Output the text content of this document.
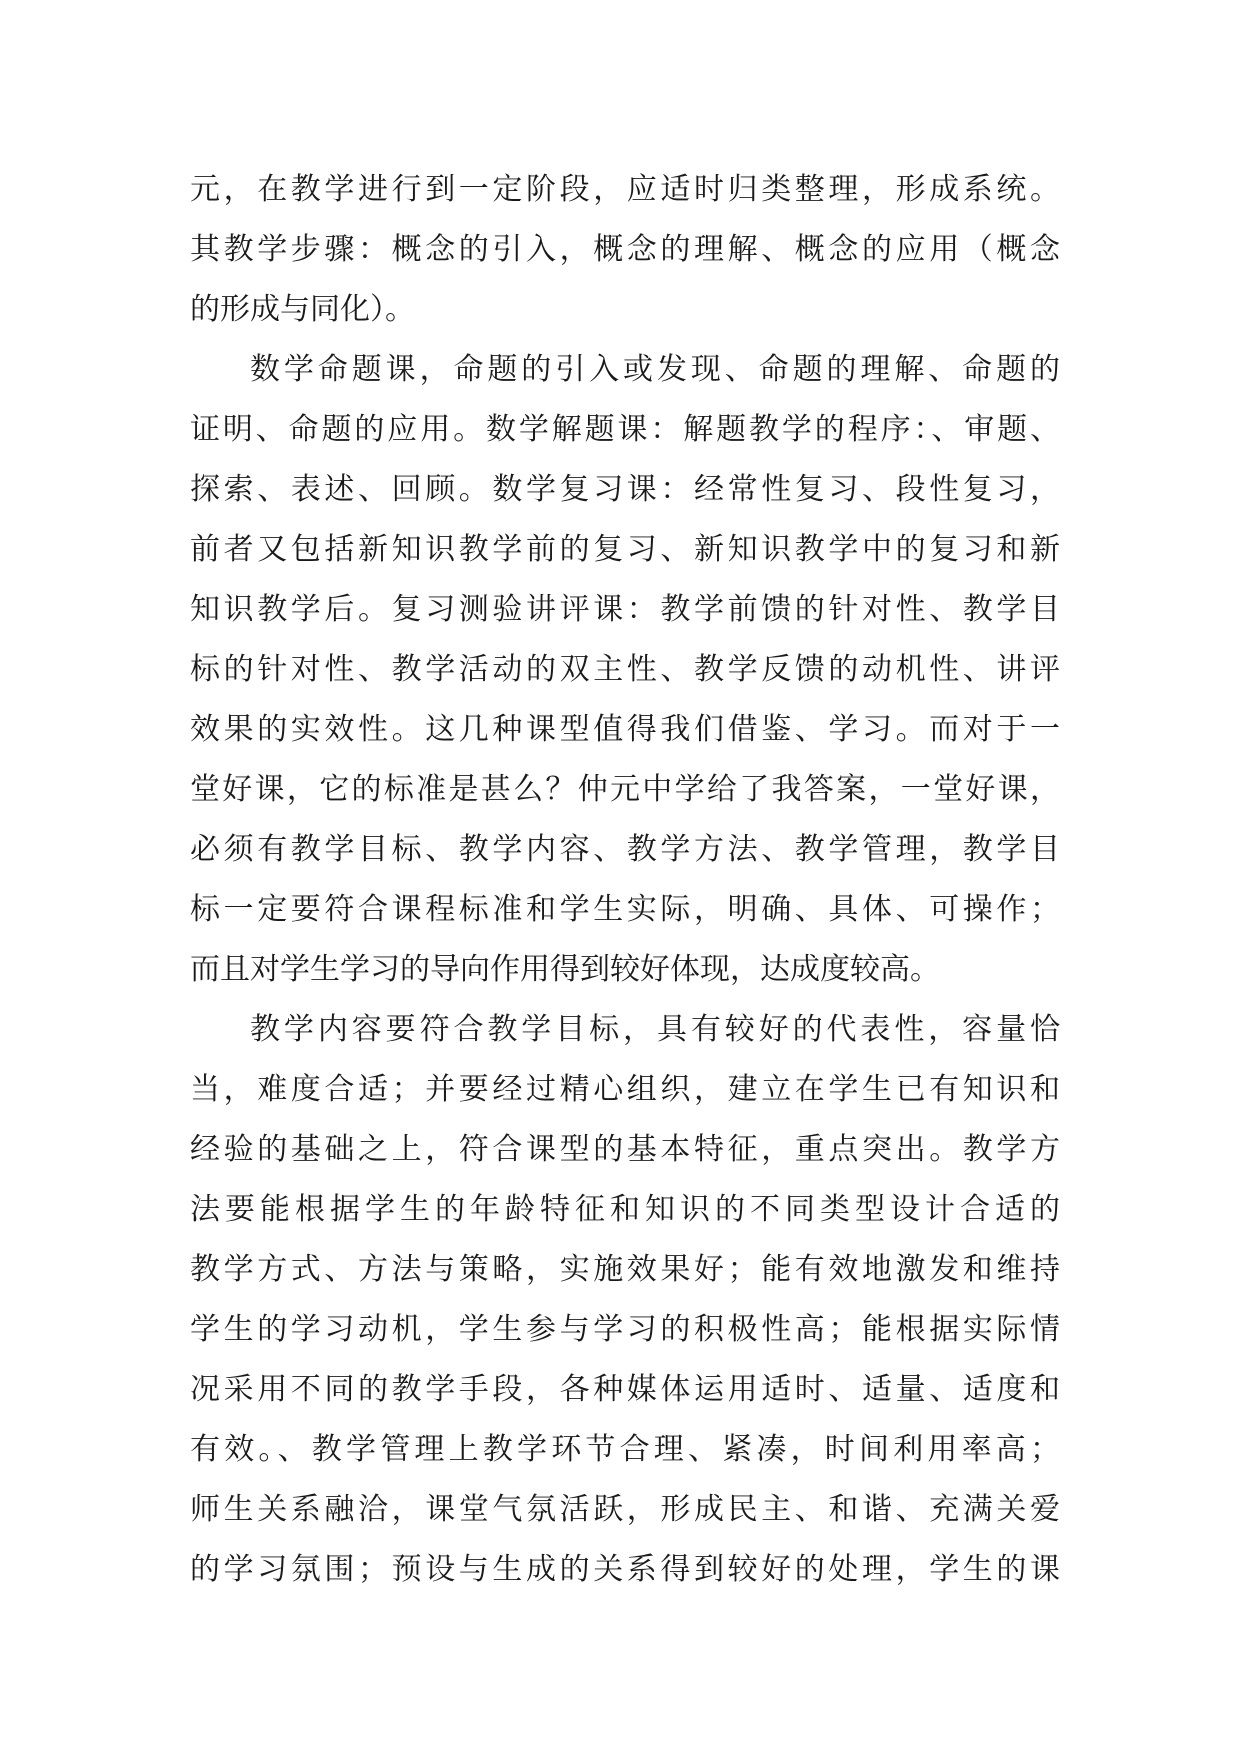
元，在教学进行到一定阶段，应适时归类整理，形成系统。
其教学步骤：概念的引入，概念的理解、概念的应用（概念
的形成与同化）。
数学命题课，命题的引入或发现、命题的理解、命题的
证明、命题的应用。数学解题课：解题教学的程序：、审题、
探索、表述、回顾。数学复习课：经常性复习、段性复习，
前者又包括新知识教学前的复习、新知识教学中的复习和新
知识教学后。复习测验讲评课：教学前馈的针对性、教学目
标的针对性、教学活动的双主性、教学反馈的动机性、讲评
效果的实效性。这几种课型值得我们借鉴、学习。而对于一
堂好课，它的标准是甚么？仲元中学给了我答案，一堂好课，
必须有教学目标、教学内容、教学方法、教学管理，教学目
标一定要符合课程标准和学生实际，明确、具体、可操作；
而且对学生学习的导向作用得到较好体现，达成度较高。
教学内容要符合教学目标，具有较好的代表性，容量恰
当，难度合适；并要经过精心组织，建立在学生已有知识和
经验的基础之上，符合课型的基本特征，重点突出。教学方
法要能根据学生的年龄特征和知识的不同类型设计合适的
教学方式、方法与策略，实施效果好；能有效地激发和维持
学生的学习动机，学生参与学习的积极性高；能根据实际情
况采用不同的教学手段，各种媒体运用适时、适量、适度和
有效。、教学管理上教学环节合理、紧凑，时间利用率高；
师生关系融洽，课堂气氛活跃，形成民主、和谐、充满关爱
的学习氛围；预设与生成的关系得到较好的处理，学生的课
